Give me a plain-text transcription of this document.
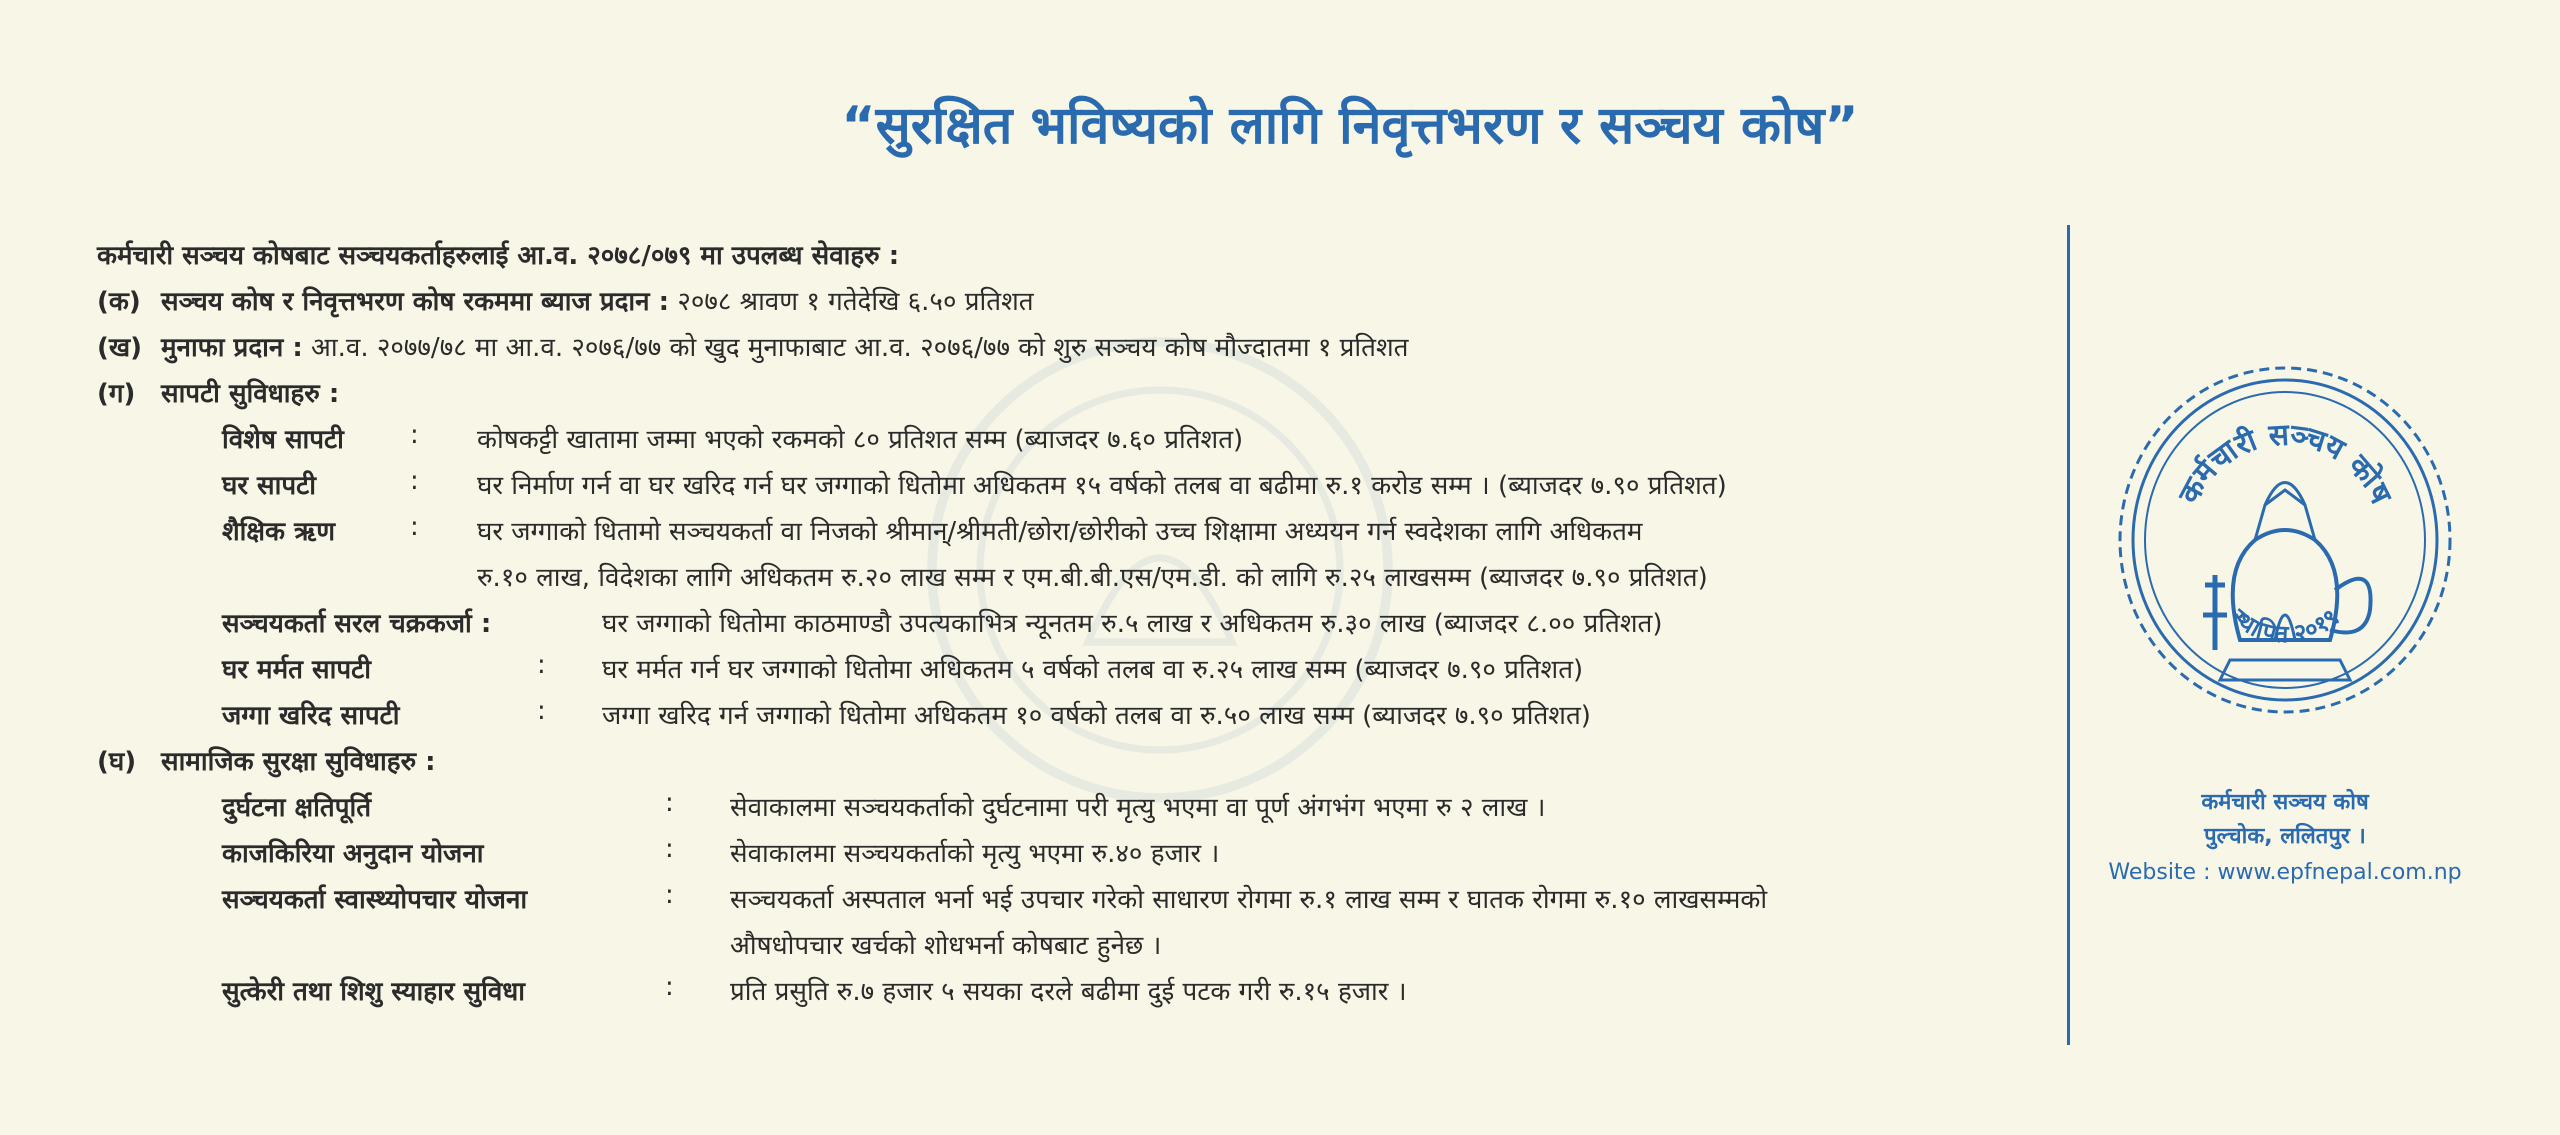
“सुरक्षित भविष्यको लागि निवृत्तभरण र सञ्चय कोष”
कर्मचारी सञ्चय कोषबाट सञ्चयकर्ताहरुलाई आ.व. २०७८/०७९ मा उपलब्ध सेवाहरु :
(क) सञ्चय कोष र निवृत्तभरण कोष रकममा ब्याज प्रदान : २०७८ श्रावण १ गतेदेखि ६.५० प्रतिशत
(ख) मुनाफा प्रदान : आ.व. २०७७/७८ मा आ.व. २०७६/७७ को खुद मुनाफाबाट आ.व. २०७६/७७ को शुरु सञ्चय कोष मौज्दातमा १ प्रतिशत
(ग) सापटी सुविधाहरु :
विशेष सापटी	: कोषकट्टी खातामा जम्मा भएको रकमको ८० प्रतिशत सम्म (ब्याजदर ७.६० प्रतिशत)
घर सापटी	: घर निर्माण गर्न वा घर खरिद गर्न घर जग्गाको धितोमा अधिकतम १५ वर्षको तलब वा बढीमा रु.१ करोड सम्म । (ब्याजदर ७.९० प्रतिशत)
शैक्षिक ऋण	: घर जग्गाको धितामो सञ्चयकर्ता वा निजको श्रीमान्/श्रीमती/छोरा/छोरीको उच्च शिक्षामा अध्ययन गर्न स्वदेशका लागि अधिकतम
रु.१० लाख, विदेशका लागि अधिकतम रु.२० लाख सम्म र एम.बी.बी.एस/एम.डी. को लागि रु.२५ लाखसम्म (ब्याजदर ७.९० प्रतिशत)
सञ्चयकर्ता सरल चक्रकर्जा :	घर जग्गाको धितोमा काठमाण्डौ उपत्यकाभित्र न्यूनतम रु.५ लाख र अधिकतम रु.३० लाख (ब्याजदर ८.०० प्रतिशत)
घर मर्मत सापटी	: घर मर्मत गर्न घर जग्गाको धितोमा अधिकतम ५ वर्षको तलब वा रु.२५ लाख सम्म (ब्याजदर ७.९० प्रतिशत)
जग्गा खरिद सापटी	: जग्गा खरिद गर्न जग्गाको धितोमा अधिकतम १० वर्षको तलब वा रु.५० लाख सम्म (ब्याजदर ७.९० प्रतिशत)
(घ) सामाजिक सुरक्षा सुविधाहरु :
दुर्घटना क्षतिपूर्ति	: सेवाकालमा सञ्चयकर्ताको दुर्घटनामा परी मृत्यु भएमा वा पूर्ण अंगभंग भएमा रु २ लाख ।
काजकिरिया अनुदान योजना	: सेवाकालमा सञ्चयकर्ताको मृत्यु भएमा रु.४० हजार ।
सञ्चयकर्ता स्वास्थ्योपचार योजना	: सञ्चयकर्ता अस्पताल भर्ना भई उपचार गरेको साधारण रोगमा रु.१ लाख सम्म र घातक रोगमा रु.१० लाखसम्मको
औषधोपचार खर्चको शोधभर्ना कोषबाट हुनेछ ।
सुत्केरी तथा शिशु स्याहार सुविधा	: प्रति प्रसुति रु.७ हजार ५ सयका दरले बढीमा दुई पटक गरी रु.१५ हजार ।
कर्मचारी सञ्चय कोष
स्थापित २०१९
कर्मचारी सञ्चय कोष
पुल्चोक, ललितपुर ।
Website : www.epfnepal.com.np
